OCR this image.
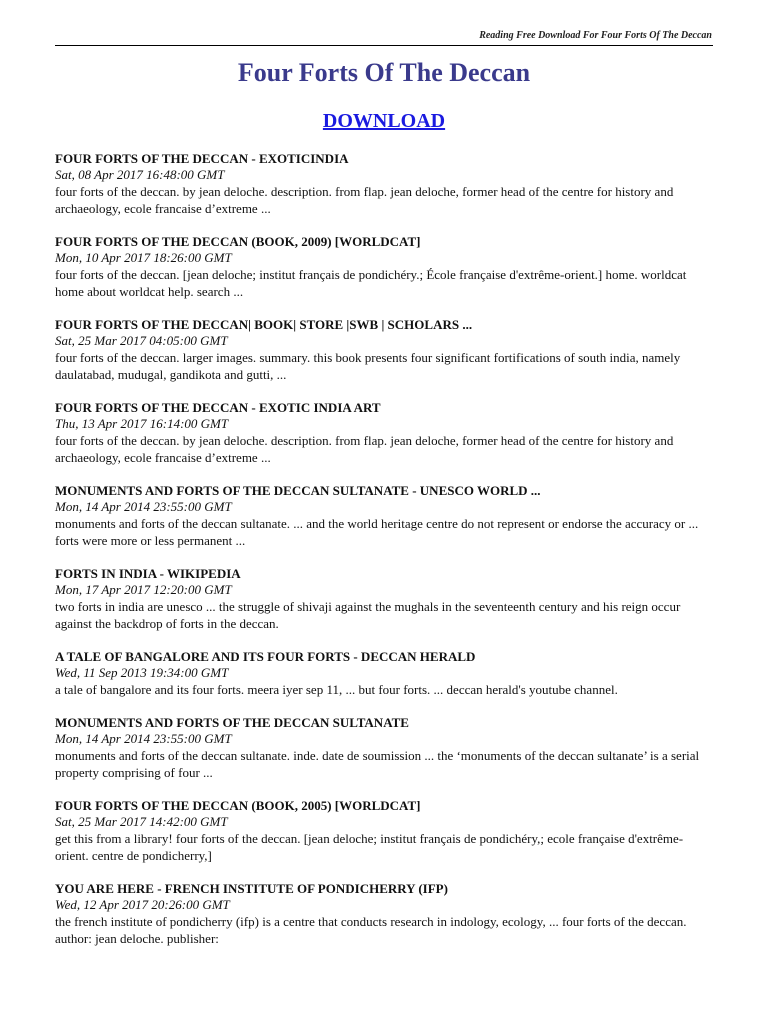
Reading Free Download For Four Forts Of The Deccan
Four Forts Of The Deccan
DOWNLOAD
FOUR FORTS OF THE DECCAN - EXOTICINDIA
Sat, 08 Apr 2017 16:48:00 GMT
four forts of the deccan. by jean deloche. description. from flap. jean deloche, former head of the centre for history and archaeology, ecole francaise d’extreme ...
FOUR FORTS OF THE DECCAN (BOOK, 2009) [WORLDCAT]
Mon, 10 Apr 2017 18:26:00 GMT
four forts of the deccan. [jean deloche; institut français de pondichéry.; École française d'extrême-orient.] home. worldcat home about worldcat help. search ...
FOUR FORTS OF THE DECCAN| BOOK| STORE |SWB | SCHOLARS ...
Sat, 25 Mar 2017 04:05:00 GMT
four forts of the deccan. larger images. summary. this book presents four significant fortifications of south india, namely daulatabad, mudugal, gandikota and gutti, ...
FOUR FORTS OF THE DECCAN - EXOTIC INDIA ART
Thu, 13 Apr 2017 16:14:00 GMT
four forts of the deccan. by jean deloche. description. from flap. jean deloche, former head of the centre for history and archaeology, ecole francaise d’extreme ...
MONUMENTS AND FORTS OF THE DECCAN SULTANATE - UNESCO WORLD ...
Mon, 14 Apr 2014 23:55:00 GMT
monuments and forts of the deccan sultanate. ... and the world heritage centre do not represent or endorse the accuracy or ... forts were more or less permanent ...
FORTS IN INDIA - WIKIPEDIA
Mon, 17 Apr 2017 12:20:00 GMT
two forts in india are unesco ... the struggle of shivaji against the mughals in the seventeenth century and his reign occur against the backdrop of forts in the deccan.
A TALE OF BANGALORE AND ITS FOUR FORTS - DECCAN HERALD
Wed, 11 Sep 2013 19:34:00 GMT
a tale of bangalore and its four forts. meera iyer sep 11, ... but four forts. ... deccan herald's youtube channel.
MONUMENTS AND FORTS OF THE DECCAN SULTANATE
Mon, 14 Apr 2014 23:55:00 GMT
monuments and forts of the deccan sultanate. inde. date de soumission ... the ‘monuments of the deccan sultanate’ is a serial property comprising of four ...
FOUR FORTS OF THE DECCAN (BOOK, 2005) [WORLDCAT]
Sat, 25 Mar 2017 14:42:00 GMT
get this from a library! four forts of the deccan. [jean deloche; institut français de pondichéry,; ecole française d'extrême-orient. centre de pondicherry,]
YOU ARE HERE - FRENCH INSTITUTE OF PONDICHERRY (IFP)
Wed, 12 Apr 2017 20:26:00 GMT
the french institute of pondicherry (ifp) is a centre that conducts research in indology, ecology, ... four forts of the deccan. author: jean deloche. publisher:
